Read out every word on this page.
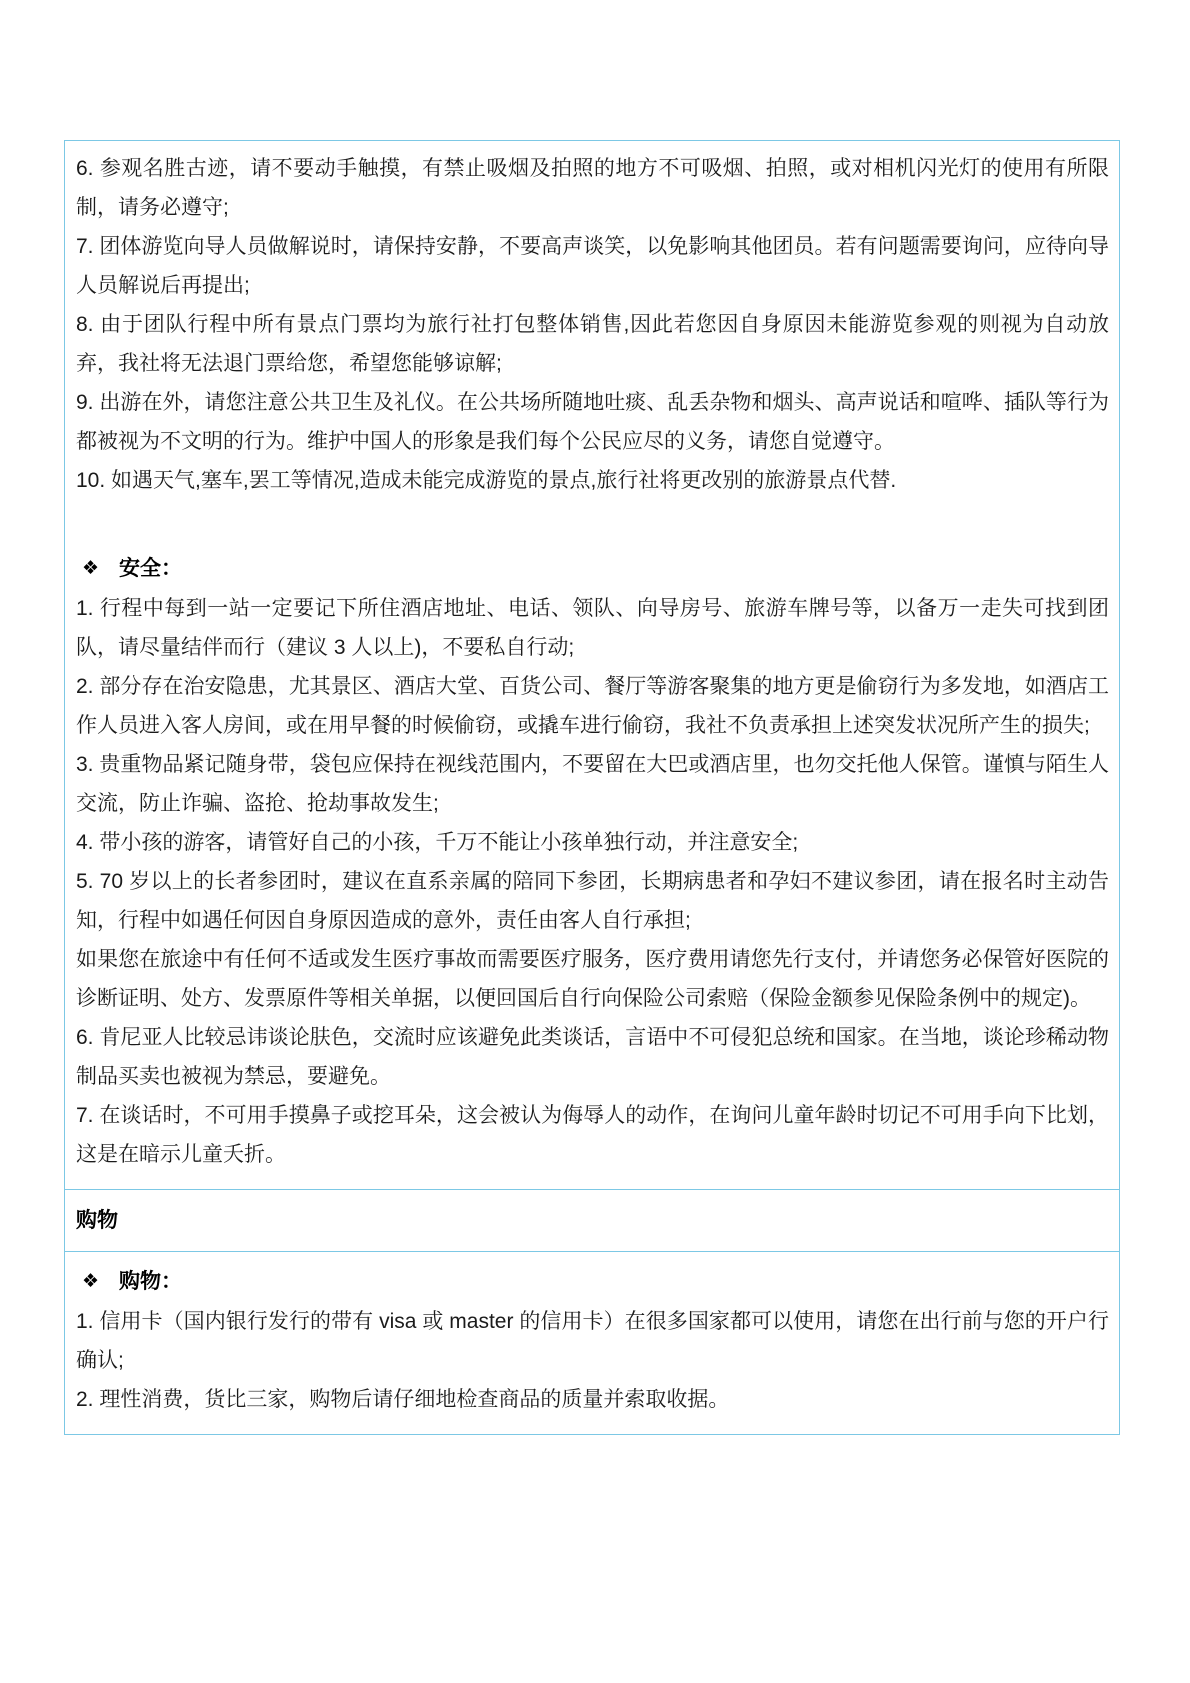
6. 参观名胜古迹，请不要动手触摸，有禁止吸烟及拍照的地方不可吸烟、拍照，或对相机闪光灯的使用有所限制，请务必遵守;

7. 团体游览向导人员做解说时，请保持安静，不要高声谈笑，以免影响其他团员。若有问题需要询问，应待向导人员解说后再提出;

8. 由于团队行程中所有景点门票均为旅行社打包整体销售,因此若您因自身原因未能游览参观的则视为自动放弃，我社将无法退门票给您，希望您能够谅解;

9. 出游在外，请您注意公共卫生及礼仪。在公共场所随地吐痰、乱丢杂物和烟头、高声说话和喧哗、插队等行为都被视为不文明的行为。维护中国人的形象是我们每个公民应尽的义务，请您自觉遵守。

10. 如遇天气,塞车,罢工等情况,造成未能完成游览的景点,旅行社将更改别的旅游景点代替.

❖ 安全：

1. 行程中每到一站一定要记下所住酒店地址、电话、领队、向导房号、旅游车牌号等，以备万一走失可找到团队，请尽量结伴而行（建议 3 人以上)，不要私自行动;

2. 部分存在治安隐患，尤其景区、酒店大堂、百货公司、餐厅等游客聚集的地方更是偷窃行为多发地，如酒店工作人员进入客人房间，或在用早餐的时候偷窃，或撬车进行偷窃，我社不负责承担上述突发状况所产生的损失;

3. 贵重物品紧记随身带，袋包应保持在视线范围内，不要留在大巴或酒店里，也勿交托他人保管。谨慎与陌生人交流，防止诈骗、盗抢、抢劫事故发生;

4. 带小孩的游客，请管好自己的小孩，千万不能让小孩单独行动，并注意安全;

5. 70 岁以上的长者参团时，建议在直系亲属的陪同下参团，长期病患者和孕妇不建议参团，请在报名时主动告知，行程中如遇任何因自身原因造成的意外，责任由客人自行承担;

如果您在旅途中有任何不适或发生医疗事故而需要医疗服务，医疗费用请您先行支付，并请您务必保管好医院的诊断证明、处方、发票原件等相关单据，以便回国后自行向保险公司索赔（保险金额参见保险条例中的规定)。

6. 肯尼亚人比较忌讳谈论肤色，交流时应该避免此类谈话，言语中不可侵犯总统和国家。在当地，谈论珍稀动物制品买卖也被视为禁忌，要避免。

7. 在谈话时，不可用手摸鼻子或挖耳朵，这会被认为侮辱人的动作，在询问儿童年龄时切记不可用手向下比划，这是在暗示儿童夭折。

购物

❖ 购物：

1. 信用卡（国内银行发行的带有 visa 或 master 的信用卡）在很多国家都可以使用，请您在出行前与您的开户行确认;

2. 理性消费，货比三家，购物后请仔细地检查商品的质量并索取收据。
